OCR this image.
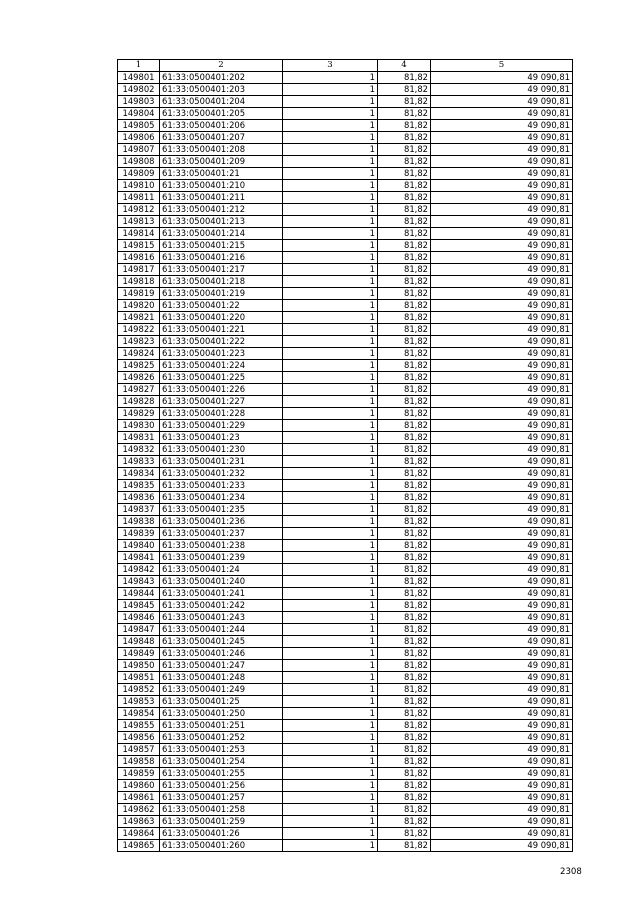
1	2	3	4	5
149801	61:33:0500401:202	1	81,82	49 090,81
149802	61:33:0500401:203	1	81,82	49 090,81
149803	61:33:0500401:204	1	81,82	49 090,81
149804	61:33:0500401:205	1	81,82	49 090,81
149805	61:33:0500401:206	1	81,82	49 090,81
149806	61:33:0500401:207	1	81,82	49 090,81
149807	61:33:0500401:208	1	81,82	49 090,81
149808	61:33:0500401:209	1	81,82	49 090,81
149809	61:33:0500401:21	1	81,82	49 090,81
149810	61:33:0500401:210	1	81,82	49 090,81
149811	61:33:0500401:211	1	81,82	49 090,81
149812	61:33:0500401:212	1	81,82	49 090,81
149813	61:33:0500401:213	1	81,82	49 090,81
149814	61:33:0500401:214	1	81,82	49 090,81
149815	61:33:0500401:215	1	81,82	49 090,81
149816	61:33:0500401:216	1	81,82	49 090,81
149817	61:33:0500401:217	1	81,82	49 090,81
149818	61:33:0500401:218	1	81,82	49 090,81
149819	61:33:0500401:219	1	81,82	49 090,81
149820	61:33:0500401:22	1	81,82	49 090,81
149821	61:33:0500401:220	1	81,82	49 090,81
149822	61:33:0500401:221	1	81,82	49 090,81
149823	61:33:0500401:222	1	81,82	49 090,81
149824	61:33:0500401:223	1	81,82	49 090,81
149825	61:33:0500401:224	1	81,82	49 090,81
149826	61:33:0500401:225	1	81,82	49 090,81
149827	61:33:0500401:226	1	81,82	49 090,81
149828	61:33:0500401:227	1	81,82	49 090,81
149829	61:33:0500401:228	1	81,82	49 090,81
149830	61:33:0500401:229	1	81,82	49 090,81
149831	61:33:0500401:23	1	81,82	49 090,81
149832	61:33:0500401:230	1	81,82	49 090,81
149833	61:33:0500401:231	1	81,82	49 090,81
149834	61:33:0500401:232	1	81,82	49 090,81
149835	61:33:0500401:233	1	81,82	49 090,81
149836	61:33:0500401:234	1	81,82	49 090,81
149837	61:33:0500401:235	1	81,82	49 090,81
149838	61:33:0500401:236	1	81,82	49 090,81
149839	61:33:0500401:237	1	81,82	49 090,81
149840	61:33:0500401:238	1	81,82	49 090,81
149841	61:33:0500401:239	1	81,82	49 090,81
149842	61:33:0500401:24	1	81,82	49 090,81
149843	61:33:0500401:240	1	81,82	49 090,81
149844	61:33:0500401:241	1	81,82	49 090,81
149845	61:33:0500401:242	1	81,82	49 090,81
149846	61:33:0500401:243	1	81,82	49 090,81
149847	61:33:0500401:244	1	81,82	49 090,81
149848	61:33:0500401:245	1	81,82	49 090,81
149849	61:33:0500401:246	1	81,82	49 090,81
149850	61:33:0500401:247	1	81,82	49 090,81
149851	61:33:0500401:248	1	81,82	49 090,81
149852	61:33:0500401:249	1	81,82	49 090,81
149853	61:33:0500401:25	1	81,82	49 090,81
149854	61:33:0500401:250	1	81,82	49 090,81
149855	61:33:0500401:251	1	81,82	49 090,81
149856	61:33:0500401:252	1	81,82	49 090,81
149857	61:33:0500401:253	1	81,82	49 090,81
149858	61:33:0500401:254	1	81,82	49 090,81
149859	61:33:0500401:255	1	81,82	49 090,81
149860	61:33:0500401:256	1	81,82	49 090,81
149861	61:33:0500401:257	1	81,82	49 090,81
149862	61:33:0500401:258	1	81,82	49 090,81
149863	61:33:0500401:259	1	81,82	49 090,81
149864	61:33:0500401:26	1	81,82	49 090,81
149865	61:33:0500401:260	1	81,82	49 090,81
2308
